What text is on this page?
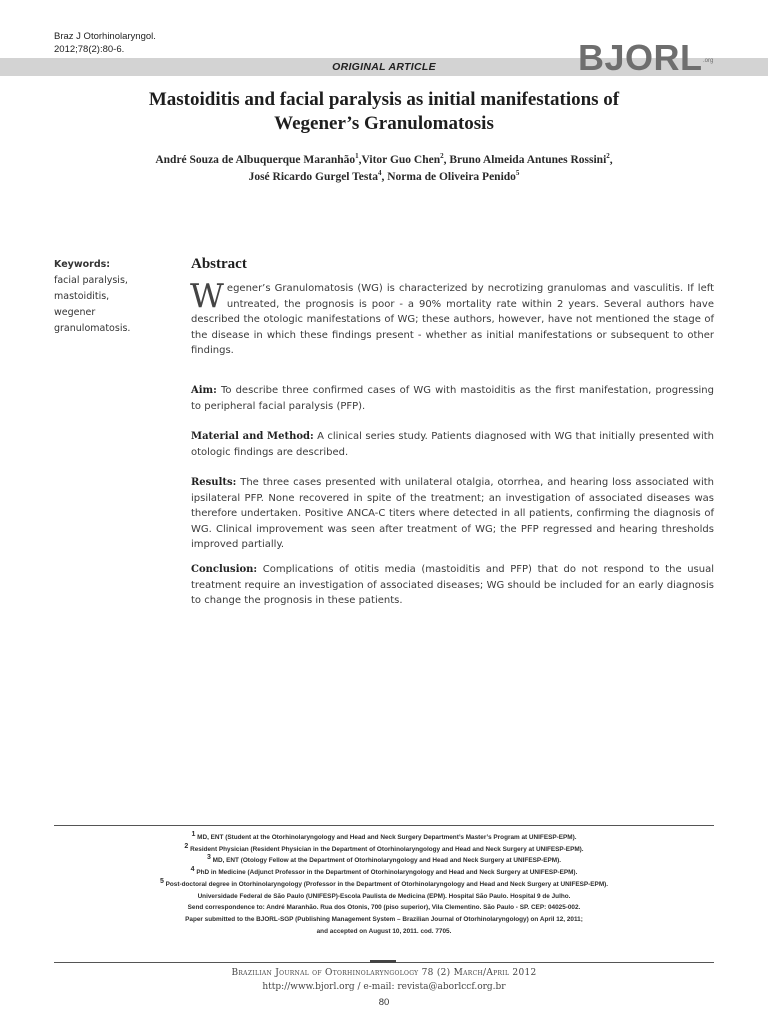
Braz J Otorhinolaryngol.
2012;78(2):80-6.
ORIGINAL ARTICLE	BJORL .org
Mastoiditis and facial paralysis as initial manifestations of
Wegener’s Granulomatosis
André Souza de Albuquerque Maranhão$^1$,Vitor Guo Chen$^2$, Bruno Almeida Antunes Rossini$^2$,
José Ricardo Gurgel Testa$^4$, Norma de Oliveira Penido$^5$
Keywords:
facial paralysis,
mastoiditis,
wegener
granulomatosis.
Abstract

Wegener’s Granulomatosis (WG) is characterized by necrotizing granulomas and vasculitis. If left untreated, the prognosis is poor - a 90% mortality rate within 2 years. Several authors have described the otologic manifestations of WG; these authors, however, have not mentioned the stage of the disease in which these findings present - whether as initial manifestations or subsequent to other findings.

Aim: To describe three confirmed cases of WG with mastoiditis as the first manifestation, progressing to peripheral facial paralysis (PFP).

Material and Method: A clinical series study. Patients diagnosed with WG that initially presented with otologic findings are described.

Results: The three cases presented with unilateral otalgia, otorrhea, and hearing loss associated with ipsilateral PFP. None recovered in spite of the treatment; an investigation of associated diseases was therefore undertaken. Positive ANCA-C titers where detected in all patients, confirming the diagnosis of WG. Clinical improvement was seen after treatment of WG; the PFP regressed and hearing thresholds improved partially.

Conclusion: Complications of otitis media (mastoiditis and PFP) that do not respond to the usual treatment require an investigation of associated diseases; WG should be included for an early diagnosis to change the prognosis in these patients.

$^1$ MD, ENT (Student at the Otorhinolaryngology and Head and Neck Surgery Department’s Master’s Program at UNIFESP-EPM).
$^2$ Resident Physician (Resident Physician in the Department of Otorhinolaryngology and Head and Neck Surgery at UNIFESP-EPM).
$^3$ MD, ENT (Otology Fellow at the Department of Otorhinolaryngology and Head and Neck Surgery at UNIFESP-EPM).
$^4$ PhD in Medicine (Adjunct Professor in the Department of Otorhinolaryngology and Head and Neck Surgery at UNIFESP-EPM).
$^5$ Post-doctoral degree in Otorhinolaryngology (Professor in the Department of Otorhinolaryngology and Head and Neck Surgery at UNIFESP-EPM).
Universidade Federal de São Paulo (UNIFESP)-Escola Paulista de Medicina (EPM). Hospital São Paulo. Hospital 9 de Julho.
Send correspondence to: André Maranhão. Rua dos Otonis, 700 (piso superior), Vila Clementino. São Paulo - SP. CEP: 04025-002.
Paper submitted to the BJORL-SGP (Publishing Management System – Brazilian Journal of Otorhinolaryngology) on April 12, 2011;
and accepted on August 10, 2011. cod. 7705.
Brazilian Journal of Otorhinolaryngology 78 (2) March/April 2012
http://www.bjorl.org / e-mail: revista@aborlccf.org.br
80
